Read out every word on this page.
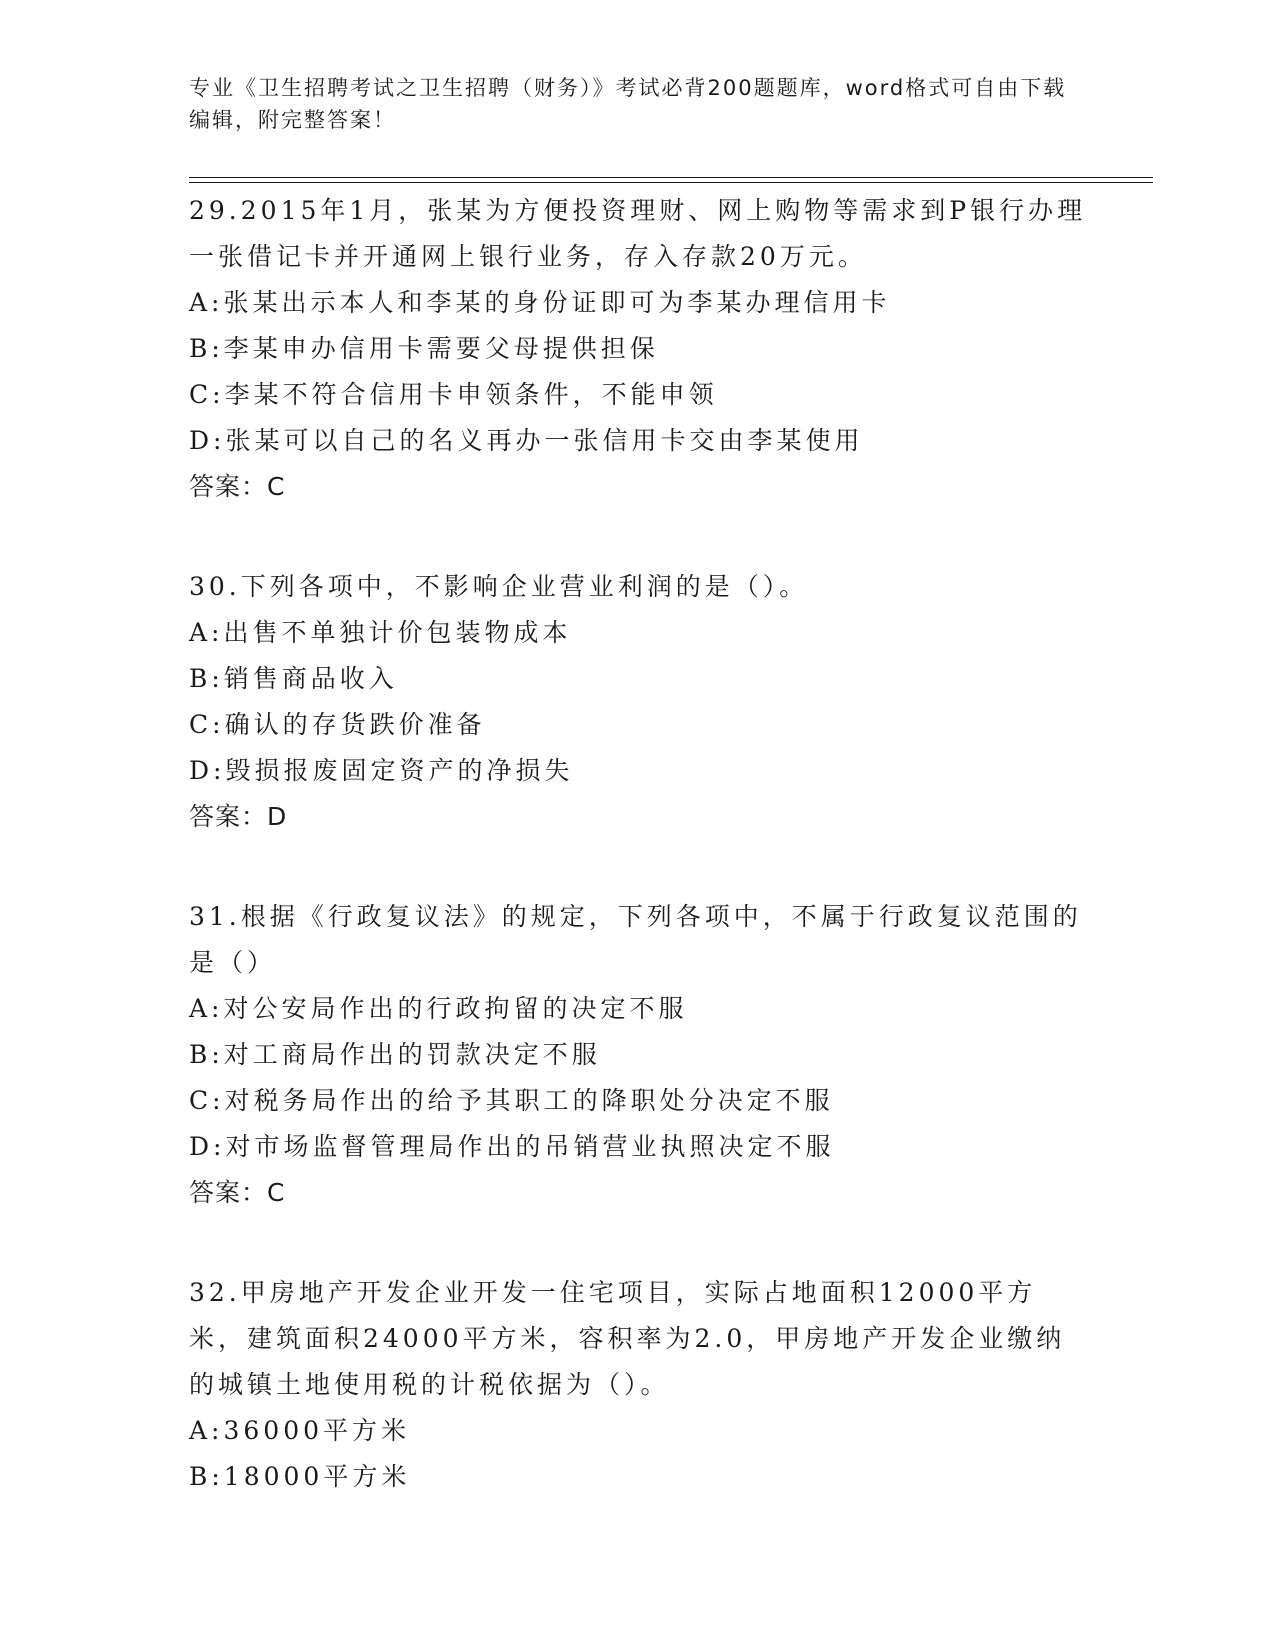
专业《卫生招聘考试之卫生招聘（财务）》考试必背200题题库，word格式可自由下载编辑，附完整答案！

29.2015年1月，张某为方便投资理财、网上购物等需求到P银行办理一张借记卡并开通网上银行业务，存入存款20万元。

A:张某出示本人和李某的身份证即可为李某办理信用卡

B:李某申办信用卡需要父母提供担保

C:李某不符合信用卡申领条件，不能申领

D:张某可以自己的名义再办一张信用卡交由李某使用

答案：C

30.下列各项中，不影响企业营业利润的是（）。

A:出售不单独计价包装物成本

B:销售商品收入

C:确认的存货跌价准备

D:毁损报废固定资产的净损失

答案：D

31.根据《行政复议法》的规定，下列各项中，不属于行政复议范围的是（）

A:对公安局作出的行政拘留的决定不服

B:对工商局作出的罚款决定不服

C:对税务局作出的给予其职工的降职处分决定不服

D:对市场监督管理局作出的吊销营业执照决定不服

答案：C

32.甲房地产开发企业开发一住宅项目，实际占地面积12000平方米，建筑面积24000平方米，容积率为2.0，甲房地产开发企业缴纳的城镇土地使用税的计税依据为（）。

A:36000平方米

B:18000平方米
